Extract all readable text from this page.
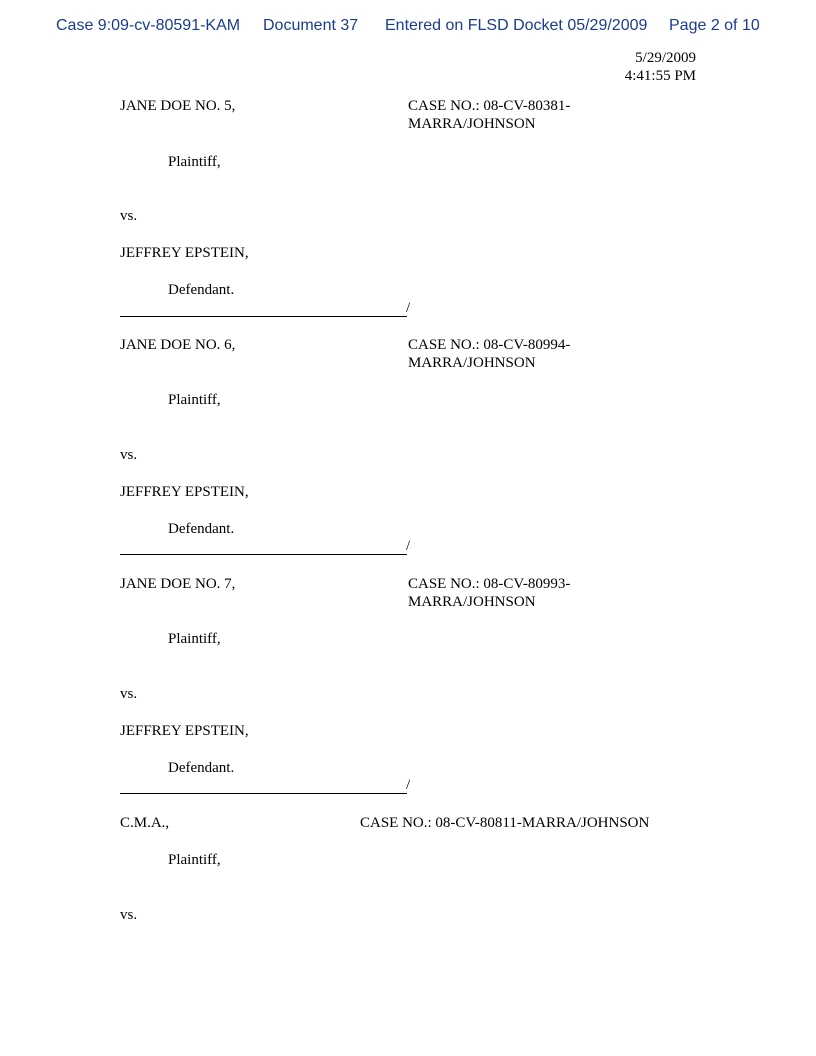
Case 9:09-cv-80591-KAM Document 37 Entered on FLSD Docket 05/29/2009 Page 2 of 10
5/29/2009
4:41:55 PM
JANE DOE NO. 5,	CASE NO.: 08-CV-80381-
MARRA/JOHNSON
Plaintiff,
vs.
JEFFREY EPSTEIN,
Defendant.
/
JANE DOE NO. 6,	CASE NO.: 08-CV-80994-
MARRA/JOHNSON
Plaintiff,
vs.
JEFFREY EPSTEIN,
Defendant.
/
JANE DOE NO. 7,	CASE NO.: 08-CV-80993-
MARRA/JOHNSON
Plaintiff,
vs.
JEFFREY EPSTEIN,
Defendant.
/
C.M.A.,	CASE NO.: 08-CV-80811-MARRA/JOHNSON
Plaintiff,
vs.
